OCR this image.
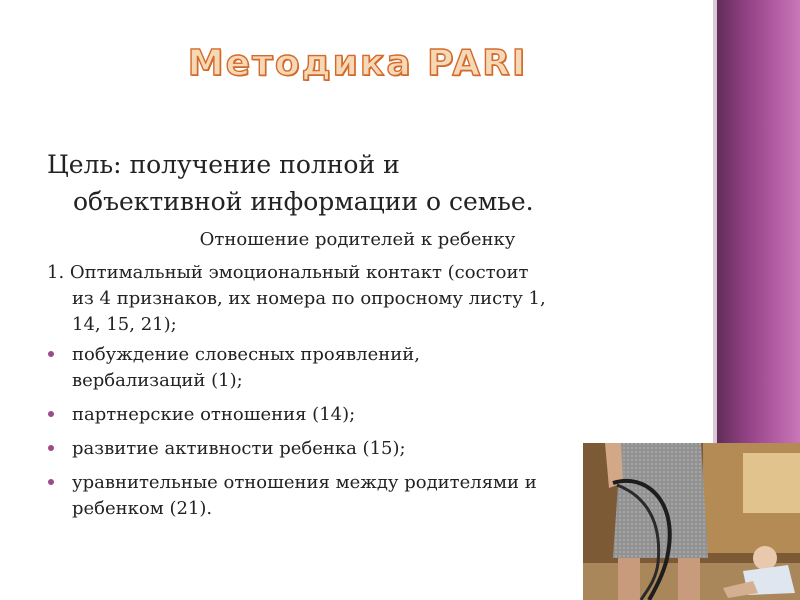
Методика PARI
Цель: получение полной и
объективной информации о семье.
Отношение родителей к ребенку
1. Оптимальный эмоциональный контакт (состоит
из 4 признаков, их номера по опросному листу 1,
14, 15, 21);
побуждение словесных проявлений,
вербализаций (1);
партнерские отношения (14);
развитие активности ребенка (15);
уравнительные отношения между родителями и
ребенком (21).
